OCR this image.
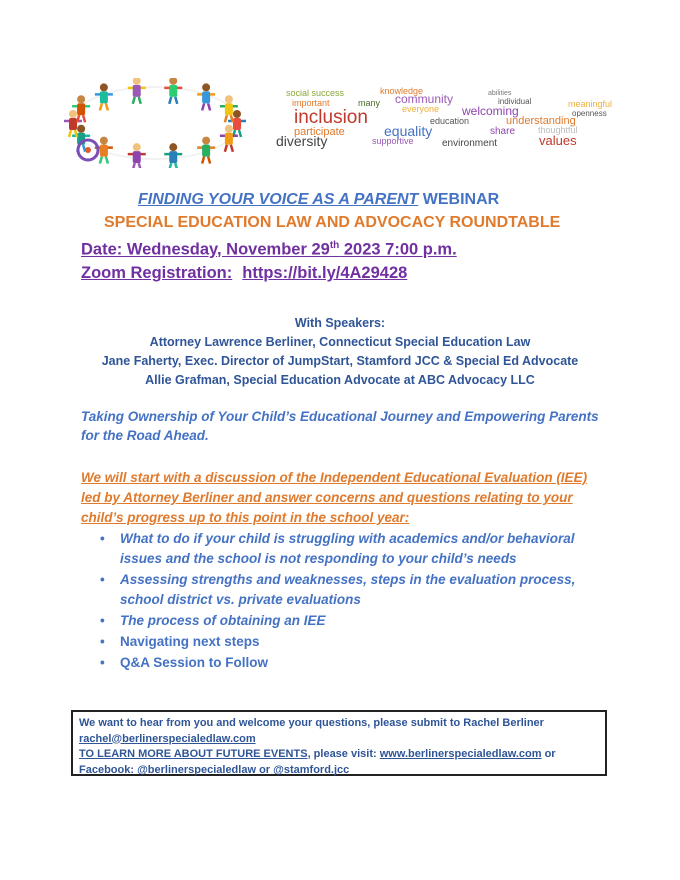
social success	knowledge	abilities
important	many community	individual	meaningful
inclusion	everyone welcoming	openness
education	understanding
participate	equality	share	thoughtful
diversity	supportive	environment	values
FINDING YOUR VOICE AS A PARENT WEBINAR
SPECIAL EDUCATION LAW AND ADVOCACY ROUNDTABLE
Date: Wednesday, November 29th 2023 7:00 p.m.
Zoom Registration: https://bit.ly/4A29428
With Speakers:
Attorney Lawrence Berliner, Connecticut Special Education Law
Jane Faherty, Exec. Director of JumpStart, Stamford JCC & Special Ed Advocate
Allie Grafman, Special Education Advocate at ABC Advocacy LLC
Taking Ownership of Your Child’s Educational Journey and Empowering Parents for the Road Ahead.
We will start with a discussion of the Independent Educational Evaluation (IEE) led by Attorney Berliner and answer concerns and questions relating to your child’s progress up to this point in the school year:
• What to do if your child is struggling with academics and/or behavioral issues and the school is not responding to your child’s needs
• Assessing strengths and weaknesses, steps in the evaluation process, school district vs. private evaluations
• The process of obtaining an IEE
• Navigating next steps
• Q&A Session to Follow
We want to hear from you and welcome your questions, please submit to Rachel Berliner
rachel@berlinerspecialedlaw.com
TO LEARN MORE ABOUT FUTURE EVENTS, please visit: www.berlinerspecialedlaw.com or
Facebook: @berlinerspecialedlaw or @stamford.jcc
